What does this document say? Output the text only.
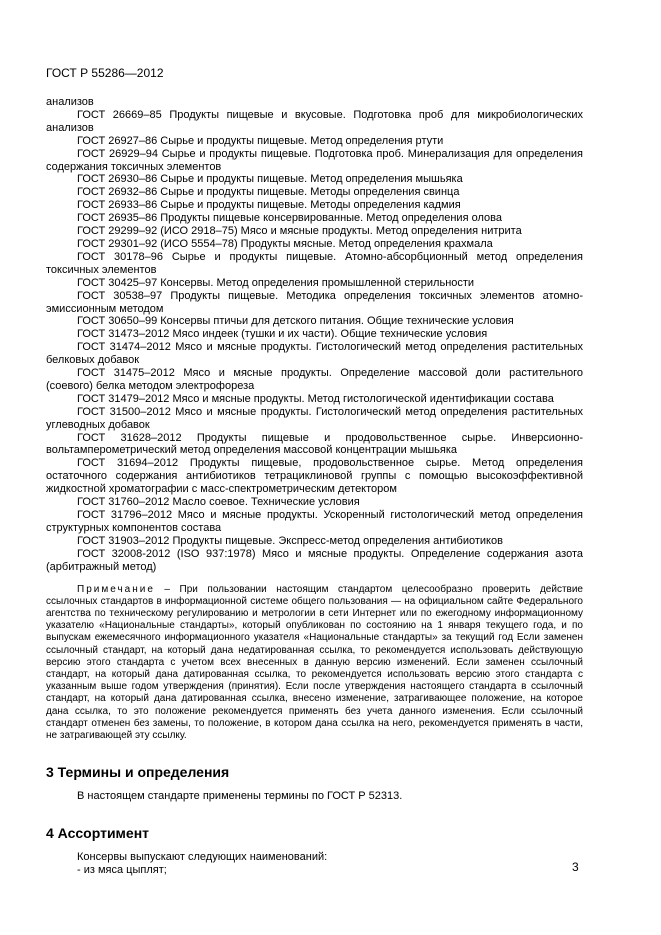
ГОСТ Р 55286—2012

анализов

ГОСТ 26669–85 Продукты пищевые и вкусовые. Подготовка проб для микробиологических анализов

ГОСТ 26927–86 Сырье и продукты пищевые. Метод определения ртути

ГОСТ 26929–94 Сырье и продукты пищевые. Подготовка проб. Минерализация для определения содержания токсичных элементов

ГОСТ 26930–86 Сырье и продукты пищевые. Метод определения мышьяка

ГОСТ 26932–86 Сырье и продукты пищевые. Методы определения свинца

ГОСТ 26933–86 Сырье и продукты пищевые. Методы определения кадмия

ГОСТ 26935–86 Продукты пищевые консервированные. Метод определения олова

ГОСТ 29299–92 (ИСО 2918–75) Мясо и мясные продукты. Метод определения нитрита

ГОСТ 29301–92 (ИСО 5554–78) Продукты мясные. Метод определения крахмала

ГОСТ 30178–96 Сырье и продукты пищевые. Атомно-абсорбционный метод определения токсичных элементов

ГОСТ 30425–97 Консервы. Метод определения промышленной стерильности

ГОСТ 30538–97 Продукты пищевые. Методика определения токсичных элементов атомно-эмиссионным методом

ГОСТ 30650–99 Консервы птичьи для детского питания. Общие технические условия

ГОСТ 31473–2012 Мясо индеек (тушки и их части). Общие технические условия

ГОСТ 31474–2012 Мясо и мясные продукты. Гистологический метод определения растительных белковых добавок

ГОСТ 31475–2012 Мясо и мясные продукты. Определение массовой доли растительного (соевого) белка методом электрофореза

ГОСТ 31479–2012 Мясо и мясные продукты. Метод гистологической идентификации состава

ГОСТ 31500–2012 Мясо и мясные продукты. Гистологический метод определения растительных углеводных добавок

ГОСТ 31628–2012 Продукты пищевые и продовольственное сырье. Инверсионно-вольтамперометрический метод определения массовой концентрации мышьяка

ГОСТ 31694–2012 Продукты пищевые, продовольственное сырье. Метод определения остаточного содержания антибиотиков тетрациклиновой группы с помощью высокоэффективной жидкостной хроматографии с масс-спектрометрическим детектором

ГОСТ 31760–2012 Масло соевое. Технические условия

ГОСТ 31796–2012 Мясо и мясные продукты. Ускоренный гистологический метод определения структурных компонентов состава

ГОСТ 31903–2012 Продукты пищевые. Экспресс-метод определения антибиотиков

ГОСТ 32008-2012 (ISO 937:1978) Мясо и мясные продукты. Определение содержания азота (арбитражный метод)

Примечание – При пользовании настоящим стандартом целесообразно проверить действие ссылочных стандартов в информационной системе общего пользования — на официальном сайте Федерального агентства по техническому регулированию и метрологии в сети Интернет или по ежегодному информационному указателю «Национальные стандарты», который опубликован по состоянию на 1 января текущего года, и по выпускам ежемесячного информационного указателя «Национальные стандарты» за текущий год Если заменен ссылочный стандарт, на который дана недатированная ссылка, то рекомендуется использовать действующую версию этого стандарта с учетом всех внесенных в данную версию изменений. Если заменен ссылочный стандарт, на который дана датированная ссылка, то рекомендуется использовать версию этого стандарта с указанным выше годом утверждения (принятия). Если после утверждения настоящего стандарта в ссылочный стандарт, на который дана датированная ссылка, внесено изменение, затрагивающее положение, на которое дана ссылка, то это положение рекомендуется применять без учета данного изменения. Если ссылочный стандарт отменен без замены, то положение, в котором дана ссылка на него, рекомендуется применять в части, не затрагивающей эту ссылку.

3 Термины и определения

В настоящем стандарте применены термины по ГОСТ Р 52313.

4 Ассортимент

Консервы выпускают следующих наименований:

- из мяса цыплят;	3
